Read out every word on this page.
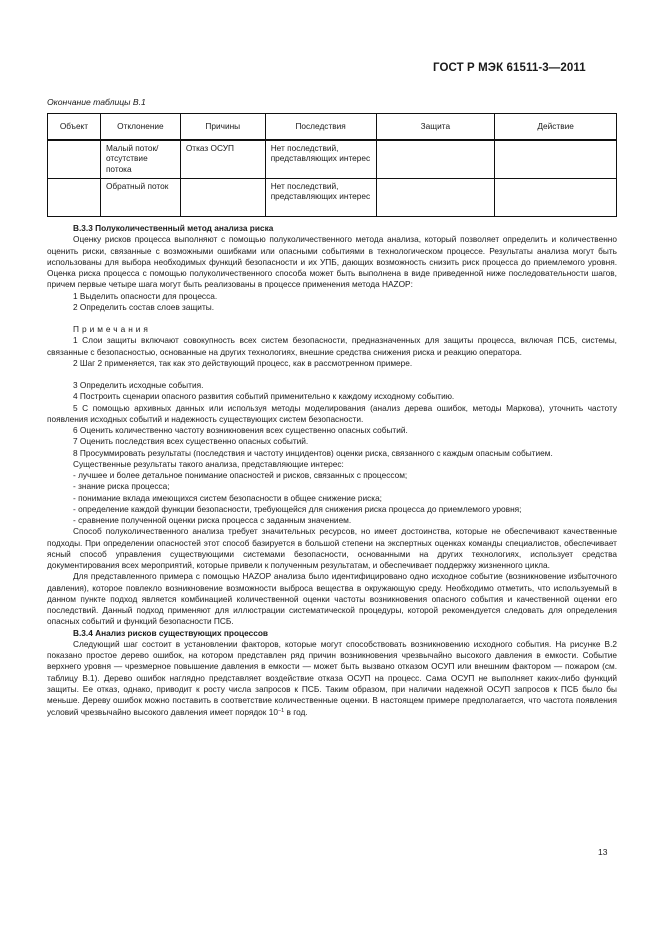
ГОСТ Р МЭК 61511-3—2011
Окончание таблицы B.1
Объект	Отклонение	Причины	Последствия	Защита	Действие
	Малый поток/ отсутствие потока	Отказ ОСУП	Нет последствий, представляющих интерес		
	Обратный поток		Нет последствий, представляющих интерес		

В.3.3 Полуколичественный метод анализа риска

Оценку рисков процесса выполняют с помощью полуколичественного метода анализа, который позволяет определить и количественно оценить риски, связанные с возможными ошибками или опасными событиями в технологическом процессе. Результаты анализа могут быть использованы для выбора необходимых функций безопасности и их УПБ, дающих возможность снизить риск процесса до приемлемого уровня. Оценка риска процесса с помощью полуколичественного способа может быть выполнена в виде приведенной ниже последовательности шагов, причем первые четыре шага могут быть реализованы в процессе применения метода HAZOP:

1 Выделить опасности для процесса.

2 Определить состав слоев защиты.

Примечания

1 Слои защиты включают совокупность всех систем безопасности, предназначенных для защиты процесса, включая ПСБ, системы, связанные с безопасностью, основанные на других технологиях, внешние средства снижения риска и реакцию оператора.

2 Шаг 2 применяется, так как это действующий процесс, как в рассмотренном примере.

3 Определить исходные события.

4 Построить сценарии опасного развития событий применительно к каждому исходному событию.

5 С помощью архивных данных или используя методы моделирования (анализ дерева ошибок, методы Маркова), уточнить частоту появления исходных событий и надежность существующих систем безопасности.

6 Оценить количественно частоту возникновения всех существенно опасных событий.

7 Оценить последствия всех существенно опасных событий.

8 Просуммировать результаты (последствия и частоту инцидентов) оценки риска, связанного с каждым опасным событием.

Существенные результаты такого анализа, представляющие интерес:

- лучшее и более детальное понимание опасностей и рисков, связанных с процессом;

- знание риска процесса;

- понимание вклада имеющихся систем безопасности в общее снижение риска;

- определение каждой функции безопасности, требующейся для снижения риска процесса до приемлемого уровня;

- сравнение полученной оценки риска процесса с заданным значением.

Способ полуколичественного анализа требует значительных ресурсов, но имеет достоинства, которые не обеспечивают качественные подходы. При определении опасностей этот способ базируется в большой степени на экспертных оценках команды специалистов, обеспечивает ясный способ управления существующими системами безопасности, основанными на других технологиях, использует средства документирования всех мероприятий, которые привели к полученным результатам, и обеспечивает поддержку жизненного цикла.

Для представленного примера с помощью HAZOP анализа было идентифицировано одно исходное событие (возникновение избыточного давления), которое повлекло возникновение возможности выброса вещества в окружающую среду. Необходимо отметить, что используемый в данном пункте подход является комбинацией количественной оценки частоты возникновения опасного события и качественной оценки его последствий. Данный подход применяют для иллюстрации систематической процедуры, которой рекомендуется следовать для определения опасных событий и функций безопасности ПСБ.

В.3.4 Анализ рисков существующих процессов

Следующий шаг состоит в установлении факторов, которые могут способствовать возникновению исходного события. На рисунке В.2 показано простое дерево ошибок, на котором представлен ряд причин возникновения чрезвычайно высокого давления в емкости. Событие верхнего уровня — чрезмерное повышение давления в емкости — может быть вызвано отказом ОСУП или внешним фактором — пожаром (см. таблицу В.1). Дерево ошибок наглядно представляет воздействие отказа ОСУП на процесс. Сама ОСУП не выполняет каких-либо функций защиты. Ее отказ, однако, приводит к росту числа запросов к ПСБ. Таким образом, при наличии надежной ОСУП запросов к ПСБ было бы меньше. Дереву ошибок можно поставить в соответствие количественные оценки. В настоящем примере предполагается, что частота появления условий чрезвычайно высокого давления имеет порядок $10^{-1}$ в год.

13
